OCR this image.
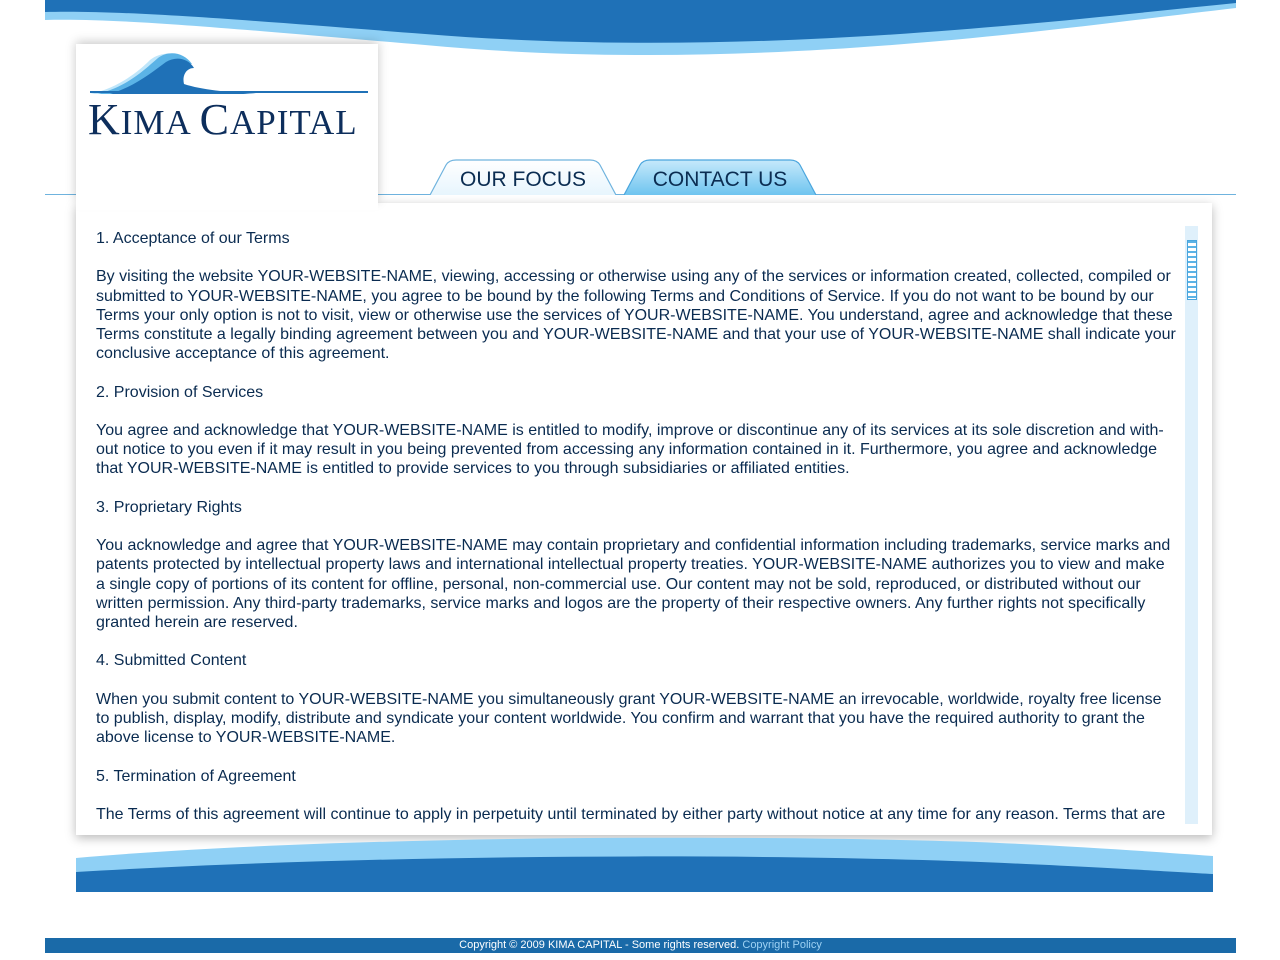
KIMA CAPITAL
OUR FOCUS	CONTACT US

1. Acceptance of our Terms

By visiting the website YOUR-WEBSITE-NAME, viewing, accessing or otherwise using any of the services or information created, collected, compiled or submitted to YOUR-WEBSITE-NAME, you agree to be bound by the following Terms and Conditions of Service. If you do not want to be bound by our Terms your only option is not to visit, view or otherwise use the services of YOUR-WEBSITE-NAME. You understand, agree and acknowledge that these Terms constitute a legally binding agreement between you and YOUR-WEBSITE-NAME and that your use of YOUR-WEBSITE-NAME shall indicate your conclusive acceptance of this agreement.

2. Provision of Services

You agree and acknowledge that YOUR-WEBSITE-NAME is entitled to modify, improve or discontinue any of its services at its sole discretion and with-out notice to you even if it may result in you being prevented from accessing any information contained in it. Furthermore, you agree and acknowledge that YOUR-WEBSITE-NAME is entitled to provide services to you through subsidiaries or affiliated entities.

3. Proprietary Rights

You acknowledge and agree that YOUR-WEBSITE-NAME may contain proprietary and confidential information including trademarks, service marks and patents protected by intellectual property laws and international intellectual property treaties. YOUR-WEBSITE-NAME authorizes you to view and make a single copy of portions of its content for offline, personal, non-commercial use. Our content may not be sold, reproduced, or distributed without our written permission. Any third-party trademarks, service marks and logos are the property of their respective owners. Any further rights not specifically granted herein are reserved.

4. Submitted Content

When you submit content to YOUR-WEBSITE-NAME you simultaneously grant YOUR-WEBSITE-NAME an irrevocable, worldwide, royalty free license to publish, display, modify, distribute and syndicate your content worldwide. You confirm and warrant that you have the required authority to grant the above license to YOUR-WEBSITE-NAME.

5. Termination of Agreement

The Terms of this agreement will continue to apply in perpetuity until terminated by either party without notice at any time for any reason. Terms that are

Copyright © 2009 KIMA CAPITAL - Some rights reserved. Copyright Policy
